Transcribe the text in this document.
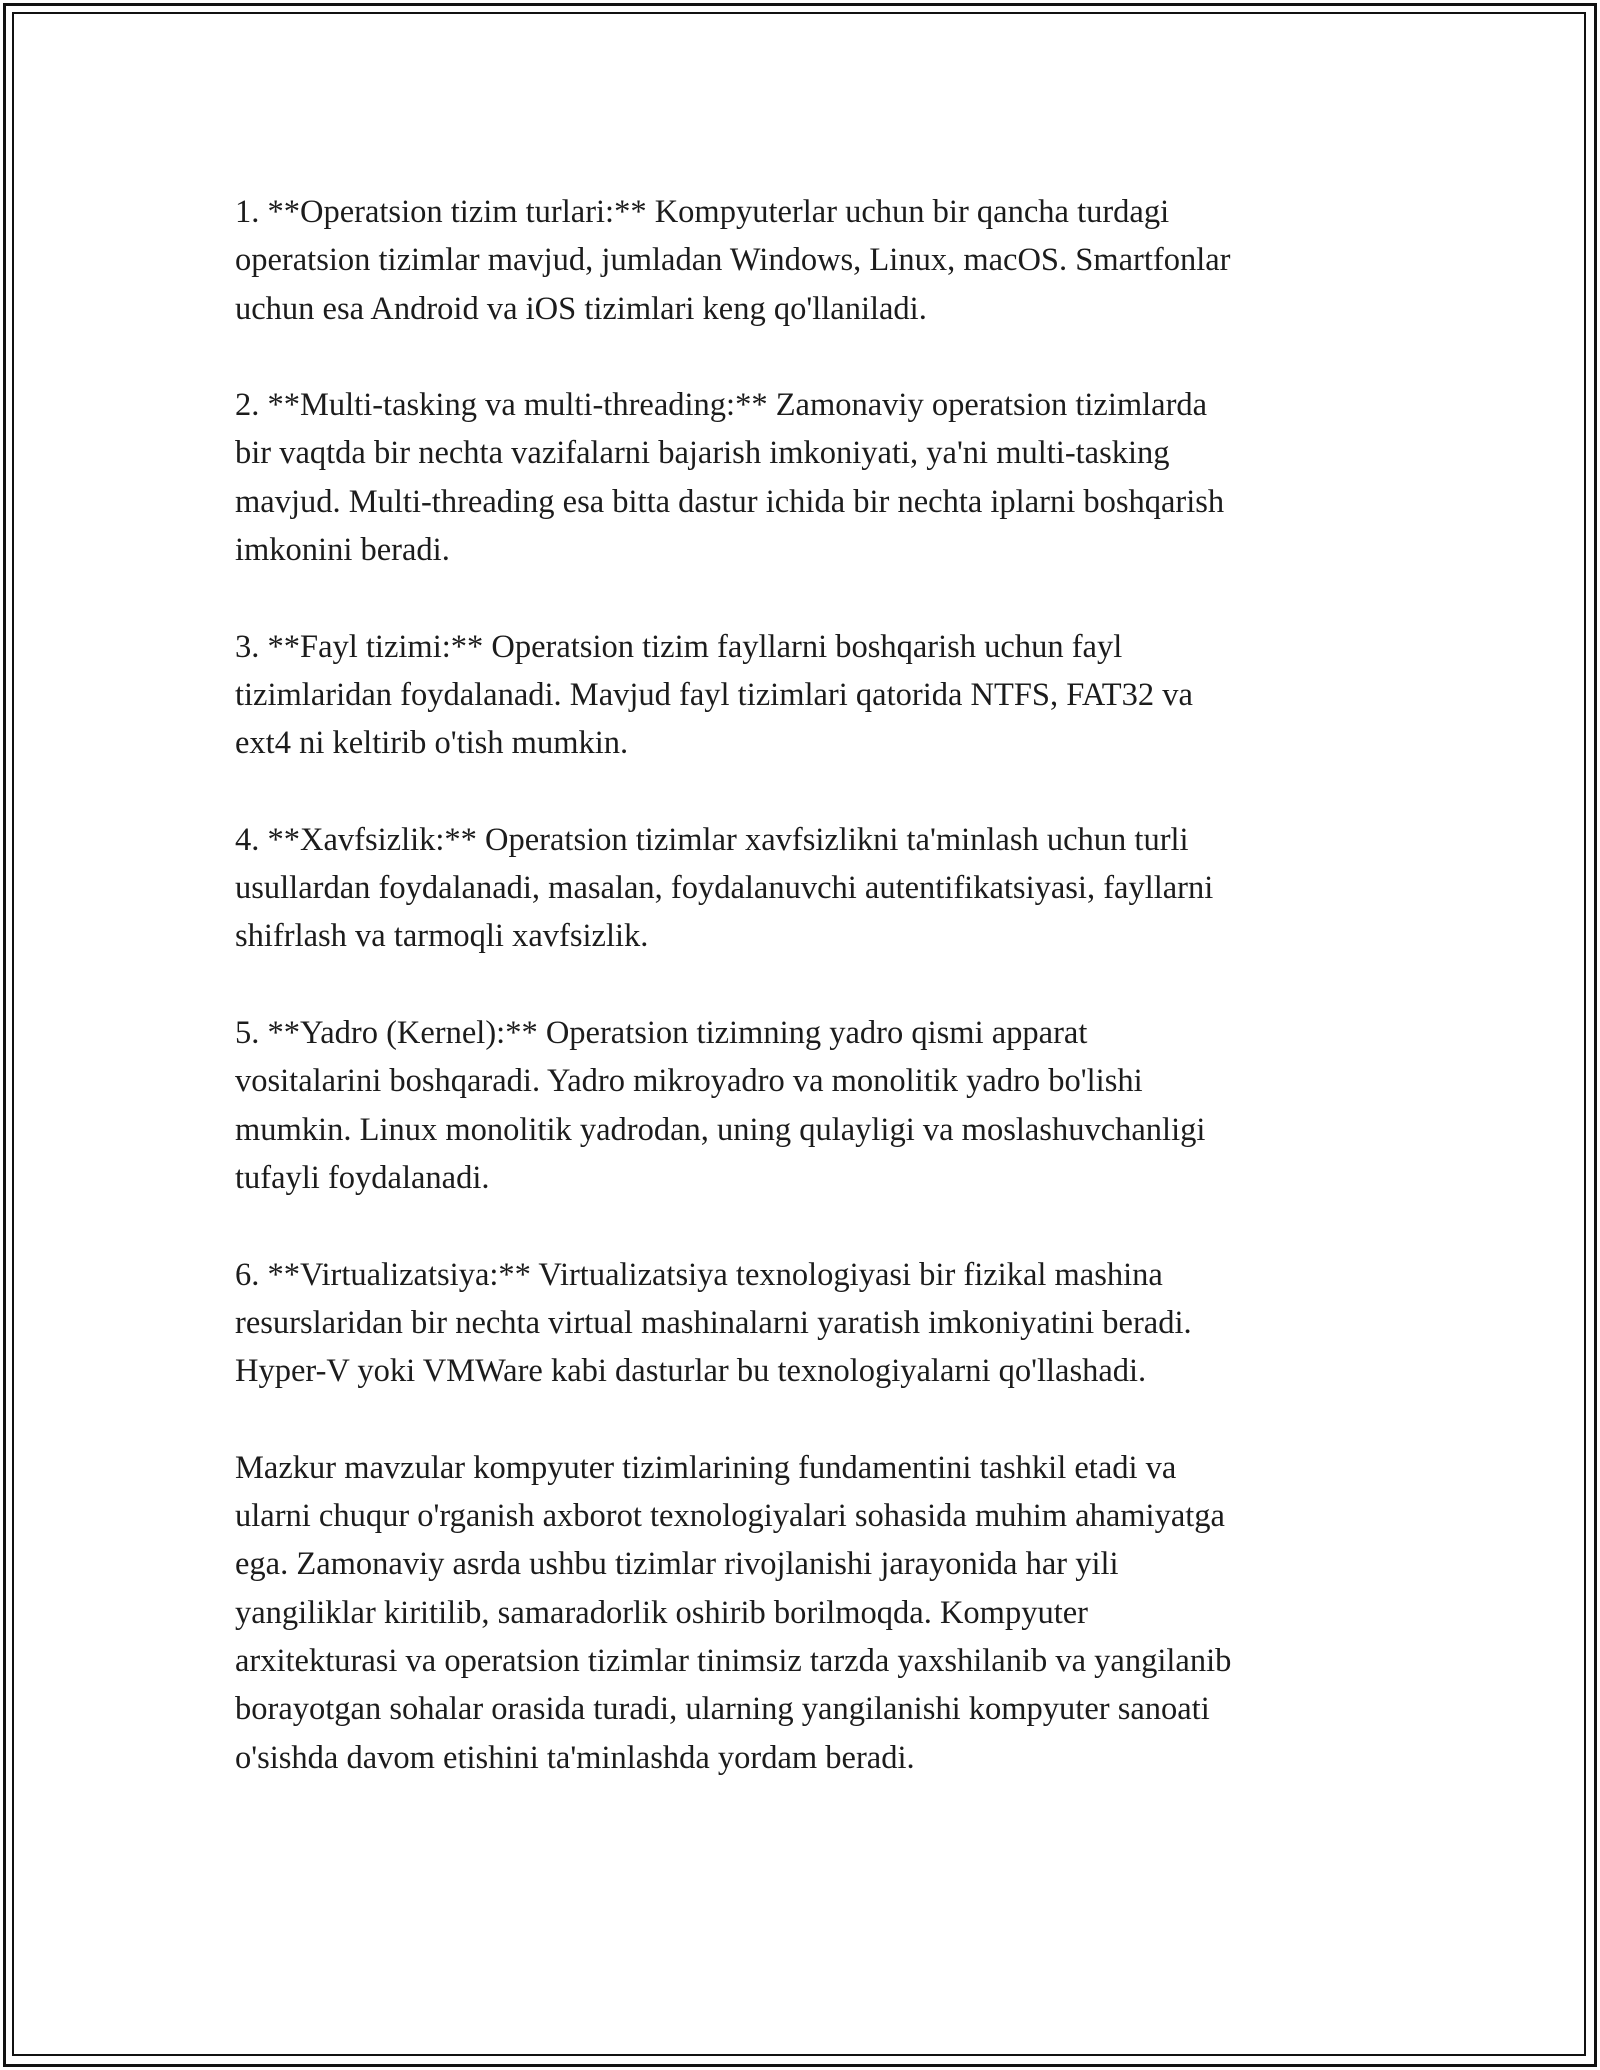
1. **Operatsion tizim turlari:** Kompyuterlar uchun bir qancha turdagi
operatsion tizimlar mavjud, jumladan Windows, Linux, macOS. Smartfonlar
uchun esa Android va iOS tizimlari keng qo'llaniladi.

2. **Multi-tasking va multi-threading:** Zamonaviy operatsion tizimlarda
bir vaqtda bir nechta vazifalarni bajarish imkoniyati, ya'ni multi-tasking
mavjud. Multi-threading esa bitta dastur ichida bir nechta iplarni boshqarish
imkonini beradi.

3. **Fayl tizimi:** Operatsion tizim fayllarni boshqarish uchun fayl
tizimlaridan foydalanadi. Mavjud fayl tizimlari qatorida NTFS, FAT32 va
ext4 ni keltirib o'tish mumkin.

4. **Xavfsizlik:** Operatsion tizimlar xavfsizlikni ta'minlash uchun turli
usullardan foydalanadi, masalan, foydalanuvchi autentifikatsiyasi, fayllarni
shifrlash va tarmoqli xavfsizlik.

5. **Yadro (Kernel):** Operatsion tizimning yadro qismi apparat
vositalarini boshqaradi. Yadro mikroyadro va monolitik yadro bo'lishi
mumkin. Linux monolitik yadrodan, uning qulayligi va moslashuvchanligi
tufayli foydalanadi.

6. **Virtualizatsiya:** Virtualizatsiya texnologiyasi bir fizikal mashina
resurslaridan bir nechta virtual mashinalarni yaratish imkoniyatini beradi.
Hyper-V yoki VMWare kabi dasturlar bu texnologiyalarni qo'llashadi.

Mazkur mavzular kompyuter tizimlarining fundamentini tashkil etadi va
ularni chuqur o'rganish axborot texnologiyalari sohasida muhim ahamiyatga
ega. Zamonaviy asrda ushbu tizimlar rivojlanishi jarayonida har yili
yangiliklar kiritilib, samaradorlik oshirib borilmoqda. Kompyuter
arxitekturasi va operatsion tizimlar tinimsiz tarzda yaxshilanib va yangilanib
borayotgan sohalar orasida turadi, ularning yangilanishi kompyuter sanoati
o'sishda davom etishini ta'minlashda yordam beradi.
